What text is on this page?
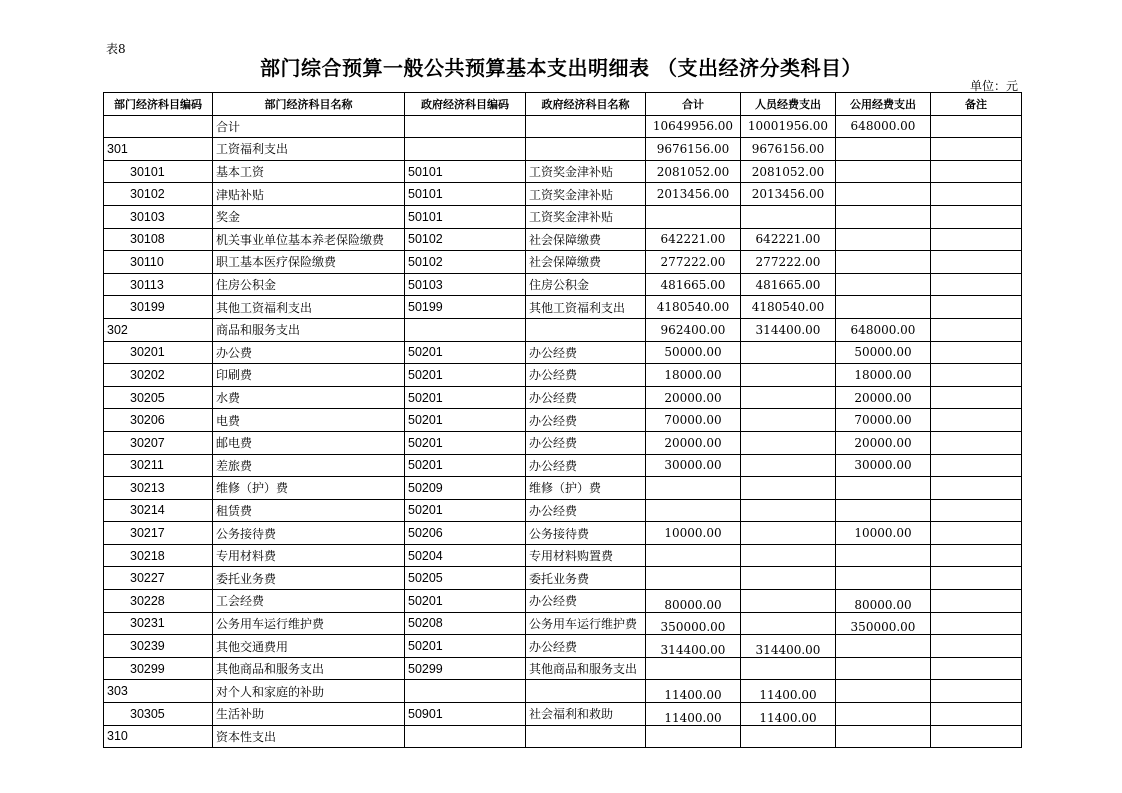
表8
部门综合预算一般公共预算基本支出明细表 （支出经济分类科目）
单位：元
部门经济科目编码	部门经济科目名称	政府经济科目编码	政府经济科目名称	合计	人员经费支出	公用经费支出	备注
	合计			10649956.00	10001956.00	648000.00	
301	工资福利支出			9676156.00	9676156.00		
30101	基本工资	50101	工资奖金津补贴	2081052.00	2081052.00		
30102	津贴补贴	50101	工资奖金津补贴	2013456.00	2013456.00		
30103	奖金	50101	工资奖金津补贴				
30108	机关事业单位基本养老保险缴费	50102	社会保障缴费	642221.00	642221.00		
30110	职工基本医疗保险缴费	50102	社会保障缴费	277222.00	277222.00		
30113	住房公积金	50103	住房公积金	481665.00	481665.00		
30199	其他工资福利支出	50199	其他工资福利支出	4180540.00	4180540.00		
302	商品和服务支出			962400.00	314400.00	648000.00	
30201	办公费	50201	办公经费	50000.00		50000.00	
30202	印刷费	50201	办公经费	18000.00		18000.00	
30205	水费	50201	办公经费	20000.00		20000.00	
30206	电费	50201	办公经费	70000.00		70000.00	
30207	邮电费	50201	办公经费	20000.00		20000.00	
30211	差旅费	50201	办公经费	30000.00		30000.00	
30213	维修（护）费	50209	维修（护）费				
30214	租赁费	50201	办公经费				
30217	公务接待费	50206	公务接待费	10000.00		10000.00	
30218	专用材料费	50204	专用材料购置费				
30227	委托业务费	50205	委托业务费				
30228	工会经费	50201	办公经费	80000.00		80000.00	
30231	公务用车运行维护费	50208	公务用车运行维护费	350000.00		350000.00	
30239	其他交通费用	50201	办公经费	314400.00	314400.00		
30299	其他商品和服务支出	50299	其他商品和服务支出				
303	对个人和家庭的补助			11400.00	11400.00		
30305	生活补助	50901	社会福利和救助	11400.00	11400.00		
310	资本性支出						
